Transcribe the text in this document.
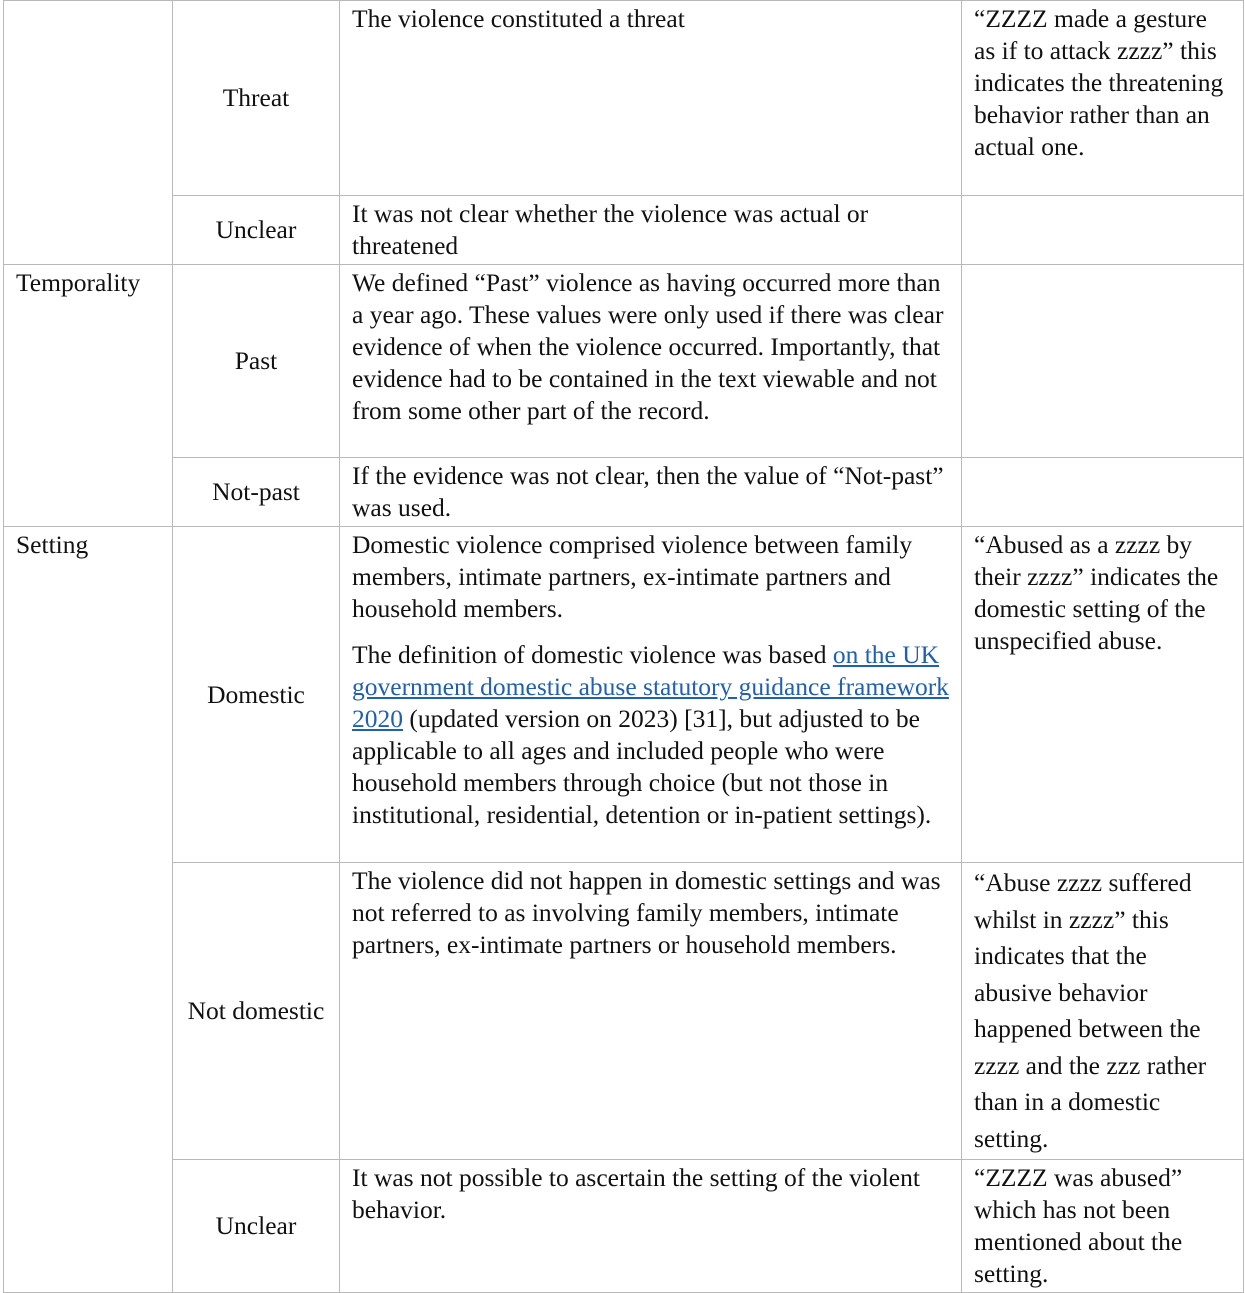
	Threat	The violence constituted a threat	“ZZZZ made a gesture as if to attack zzzz” this indicates the threatening behavior rather than an actual one.
	Unclear	It was not clear whether the violence was actual or threatened	

Temporality	Past	We defined “Past” violence as having occurred more than a year ago. These values were only used if there was clear evidence of when the violence occurred. Importantly, that evidence had to be contained in the text viewable and not from some other part of the record.	

	Not-past	If the evidence was not clear, then the value of “Not-past” was used.	

Setting	Domestic	Domestic violence comprised violence between family members, intimate partners, ex-intimate partners and household members.

The definition of domestic violence was based on the UK government domestic abuse statutory guidance framework 2020 (updated version on 2023) [31], but adjusted to be applicable to all ages and included people who were household members through choice (but not those in institutional, residential, detention or in-patient settings).	“Abused as a zzzz by their zzzz” indicates the domestic setting of the unspecified abuse.
	Not domestic	The violence did not happen in domestic settings and was not referred to as involving family members, intimate partners, ex-intimate partners or household members.	“Abuse zzzz suffered whilst in zzzz” this indicates that the abusive behavior happened between the zzzz and the zzz rather than in a domestic setting.
	Unclear	It was not possible to ascertain the setting of the violent behavior.	“ZZZZ was abused” which has not been mentioned about the setting.
